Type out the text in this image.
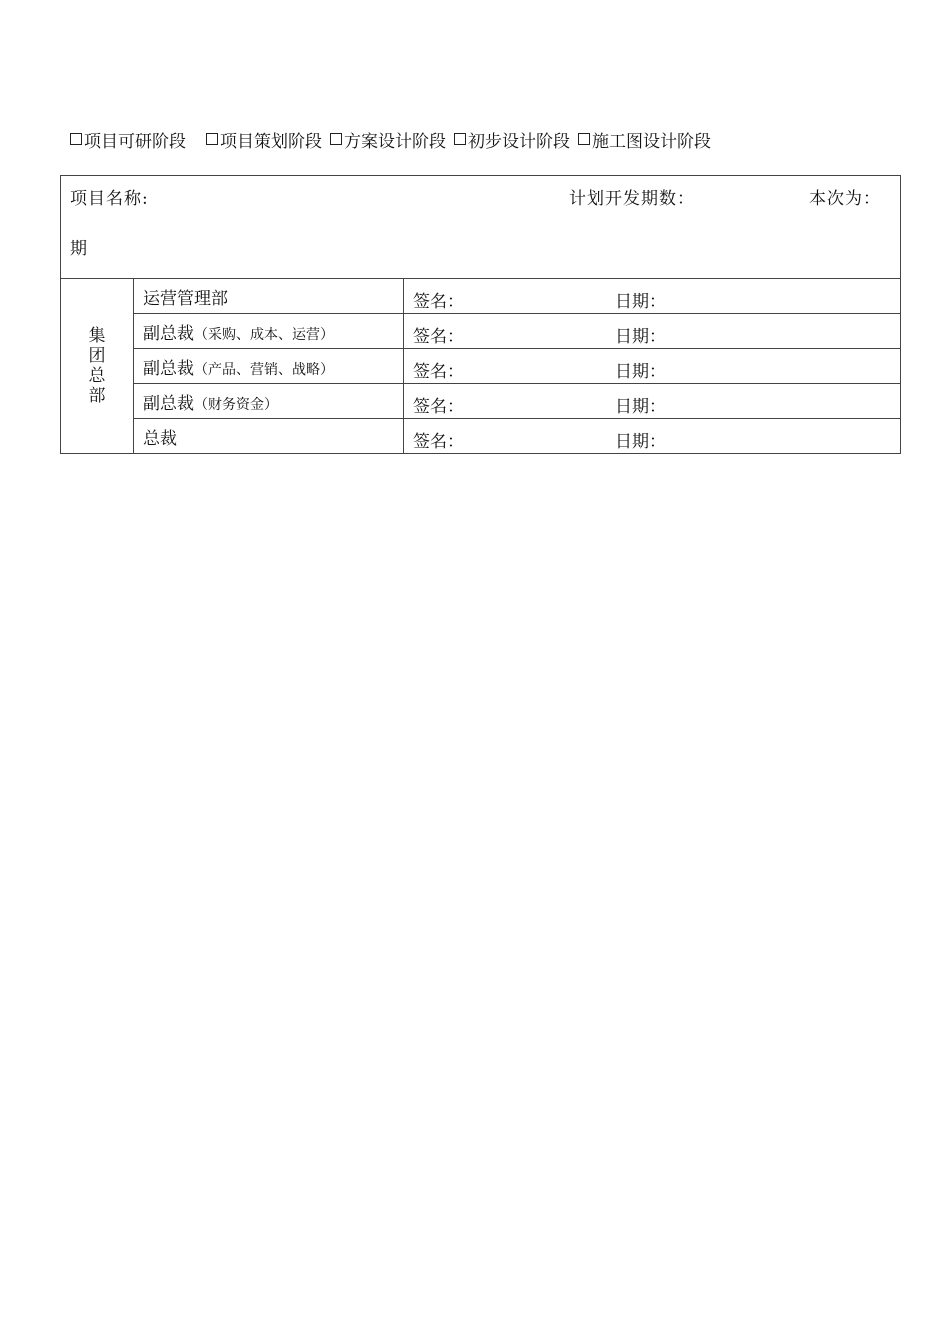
项目可研阶段 项目策划阶段 方案设计阶段 初步设计阶段 施工图设计阶段
项目名称: 计划开发期数： 本次为：
期		

集
团
总
部	运营管理部	签名： 日期：

	副总裁（采购、成本、运营）	签名： 日期：

	副总裁（产品、营销、战略）	签名： 日期：

	副总裁（财务资金）	签名： 日期：

	总裁	签名： 日期：
